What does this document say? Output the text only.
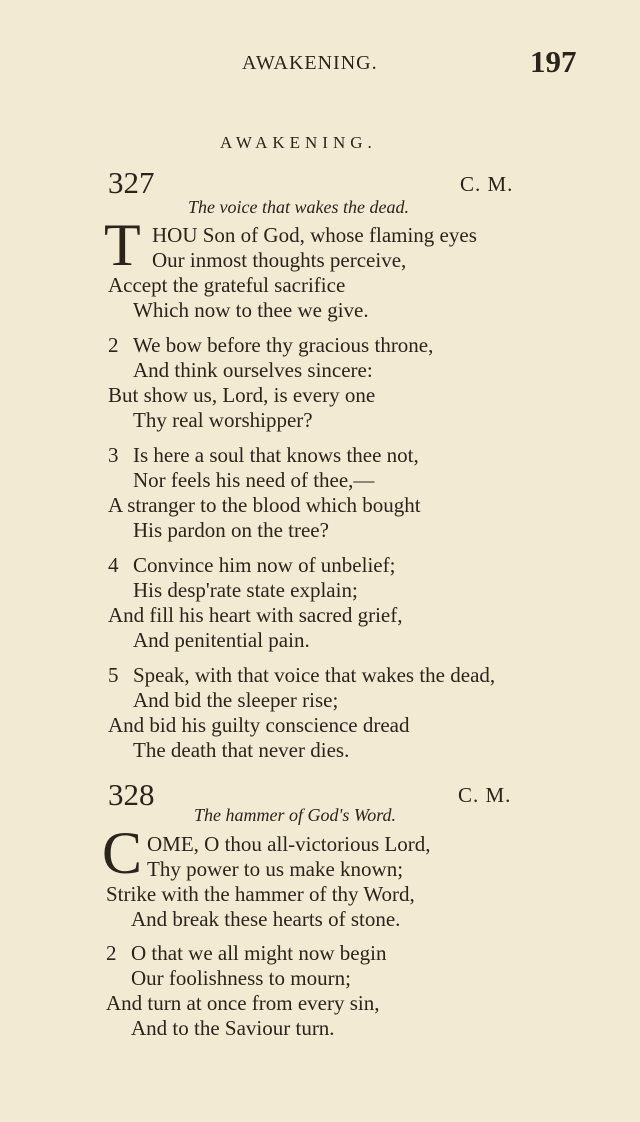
AWAKENING.	197
AWAKENING.
327	C. M.
The voice that wakes the dead.
T HOU Son of God, whose flaming eyes
Our inmost thoughts perceive,
Accept the grateful sacrifice
Which now to thee we give.
2 We bow before thy gracious throne,
And think ourselves sincere:
But show us, Lord, is every one
Thy real worshipper?
3 Is here a soul that knows thee not,
Nor feels his need of thee,—
A stranger to the blood which bought
His pardon on the tree?
4 Convince him now of unbelief;
His desp'rate state explain;
And fill his heart with sacred grief,
And penitential pain.
5 Speak, with that voice that wakes the dead,
And bid the sleeper rise;
And bid his guilty conscience dread
The death that never dies.
328	C. M.
The hammer of God's Word.
C OME, O thou all-victorious Lord,
Thy power to us make known;
Strike with the hammer of thy Word,
And break these hearts of stone.
2 O that we all might now begin
Our foolishness to mourn;
And turn at once from every sin,
And to the Saviour turn.
